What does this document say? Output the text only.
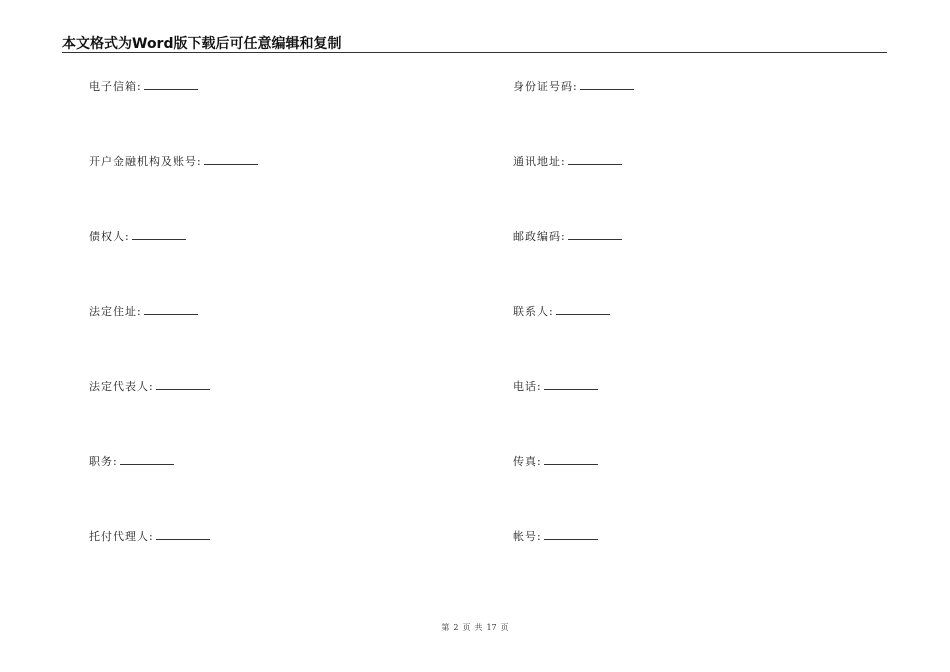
本文格式为Word版下载后可任意编辑和复制
电子信箱:
开户金融机构及账号:
债权人:
法定住址:
法定代表人:
职务:
托付代理人:
身份证号码:
通讯地址:
邮政编码:
联系人:
电话:
传真:
帐号:
第 2 页 共 17 页
